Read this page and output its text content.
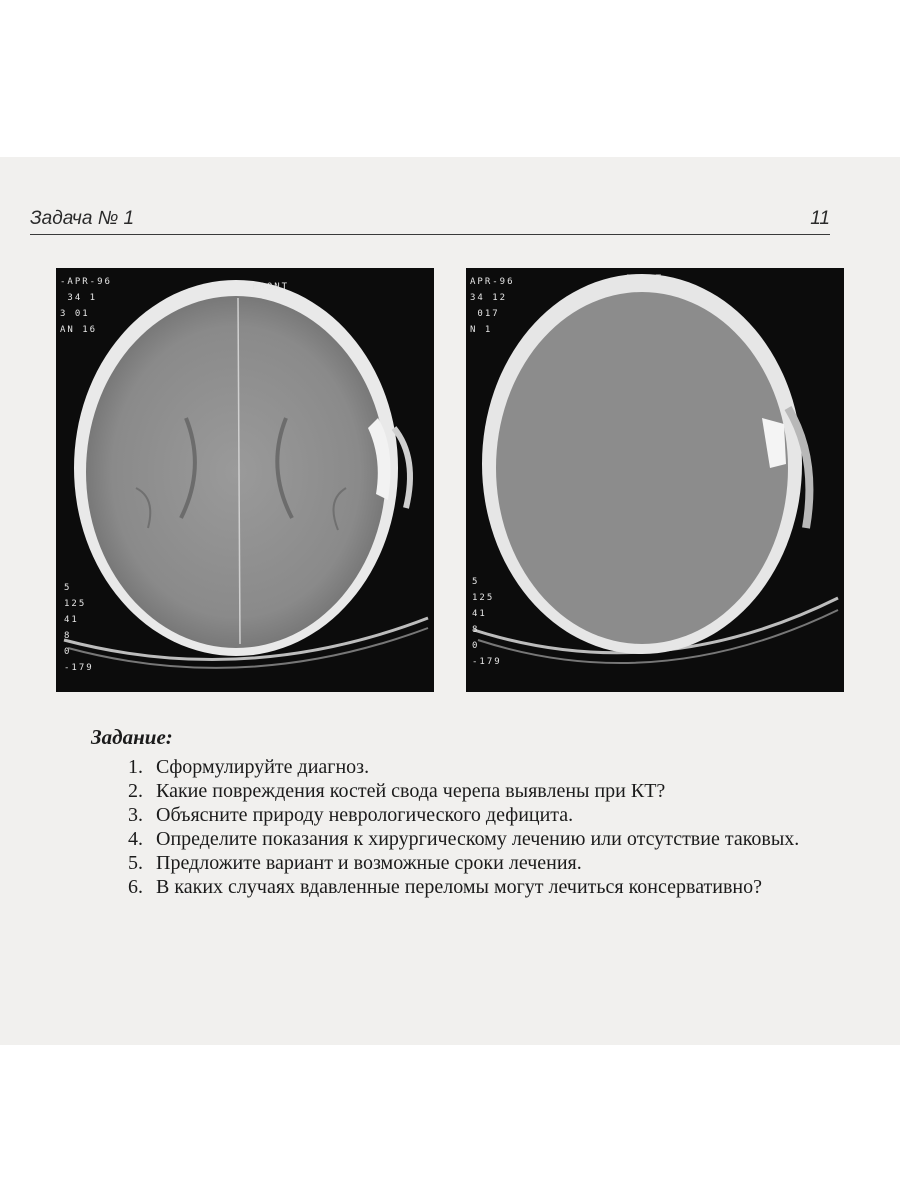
Задача № 1	11
-APR-96
34 1
3 01
AN 16
FRONT
5
125
41
8
0
-179
APR-96
34 12
017
N 1
FRONT
5
125
41
8
0
-179
Задание:
1. Сформулируйте диагноз.
2. Какие повреждения костей свода черепа выявлены при КТ?
3. Объясните природу неврологического дефицита.
4. Определите показания к хирургическому лечению или отсутствие таковых.
5. Предложите вариант и возможные сроки лечения.
6. В каких случаях вдавленные переломы могут лечиться консервативно?
